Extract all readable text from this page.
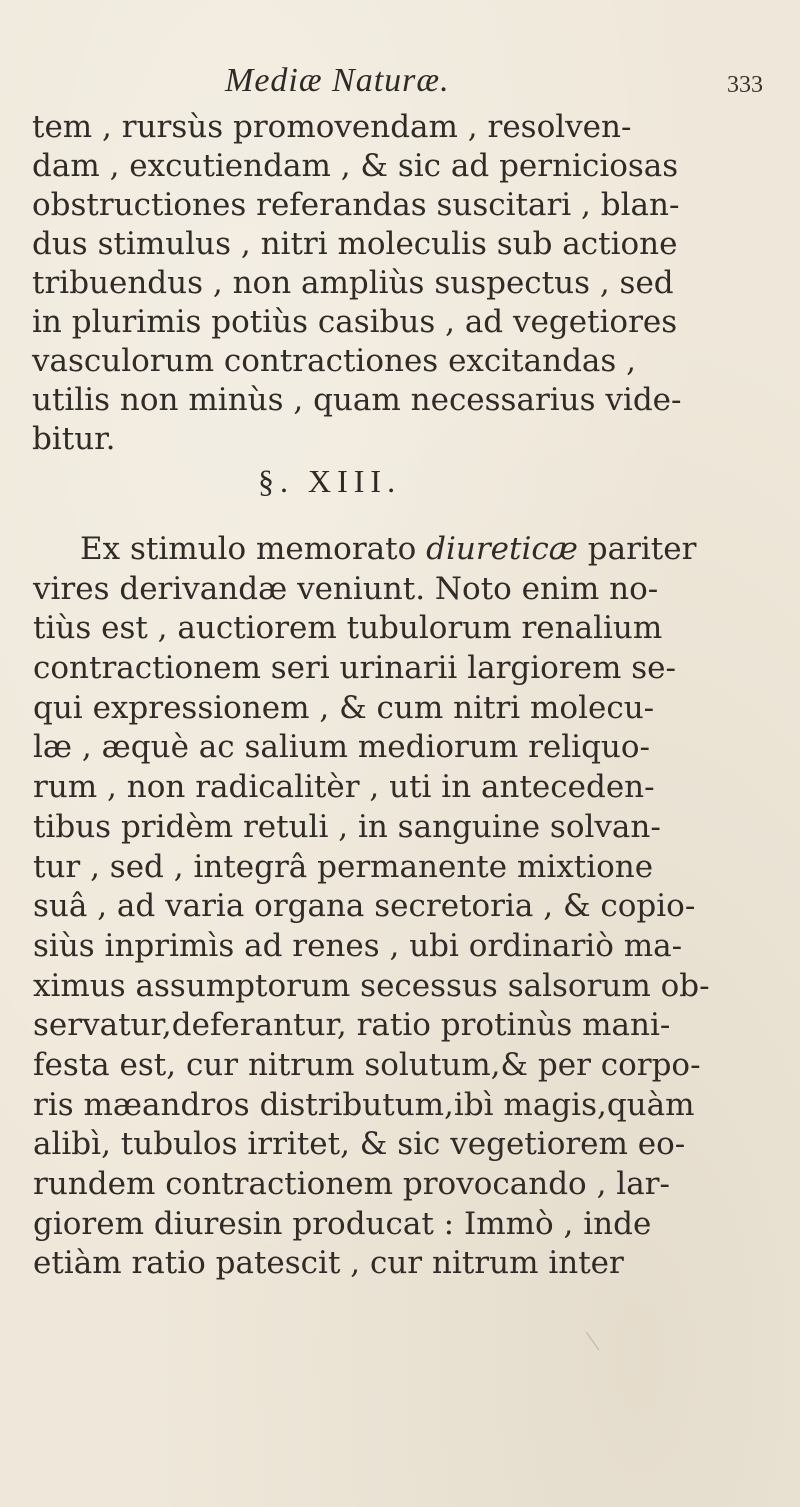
Mediæ Naturæ.	333
tem , rursùs promovendam , resolven-
dam , excutiendam , & sic ad perniciosas
obstructiones referandas suscitari , blan-
dus stimulus , nitri moleculis sub actione
tribuendus , non ampliùs suspectus , sed
in plurimis potiùs casibus , ad vegetiores
vasculorum contractiones excitandas ,
utilis non minùs , quam necessarius vide-
bitur.
§. XIII.
Ex stimulo memorato diureticæ pariter
vires derivandæ veniunt. Noto enim no-
tiùs est , auctiorem tubulorum renalium
contractionem seri urinarii largiorem se-
qui expressionem , & cum nitri molecu-
læ , æquè ac salium mediorum reliquo-
rum , non radicalitèr , uti in anteceden-
tibus pridèm retuli , in sanguine solvan-
tur , sed , integrâ permanente mixtione
suâ , ad varia organa secretoria , & copio-
siùs inprimìs ad renes , ubi ordinariò ma-
ximus assumptorum secessus salsorum ob-
servatur,deferantur, ratio protinùs mani-
festa est, cur nitrum solutum,& per corpo-
ris mæandros distributum,ibì magis,quàm
alibì, tubulos irritet, & sic vegetiorem eo-
rundem contractionem provocando , lar-
giorem diuresin producat : Immò , inde
etiàm ratio patescit , cur nitrum inter
